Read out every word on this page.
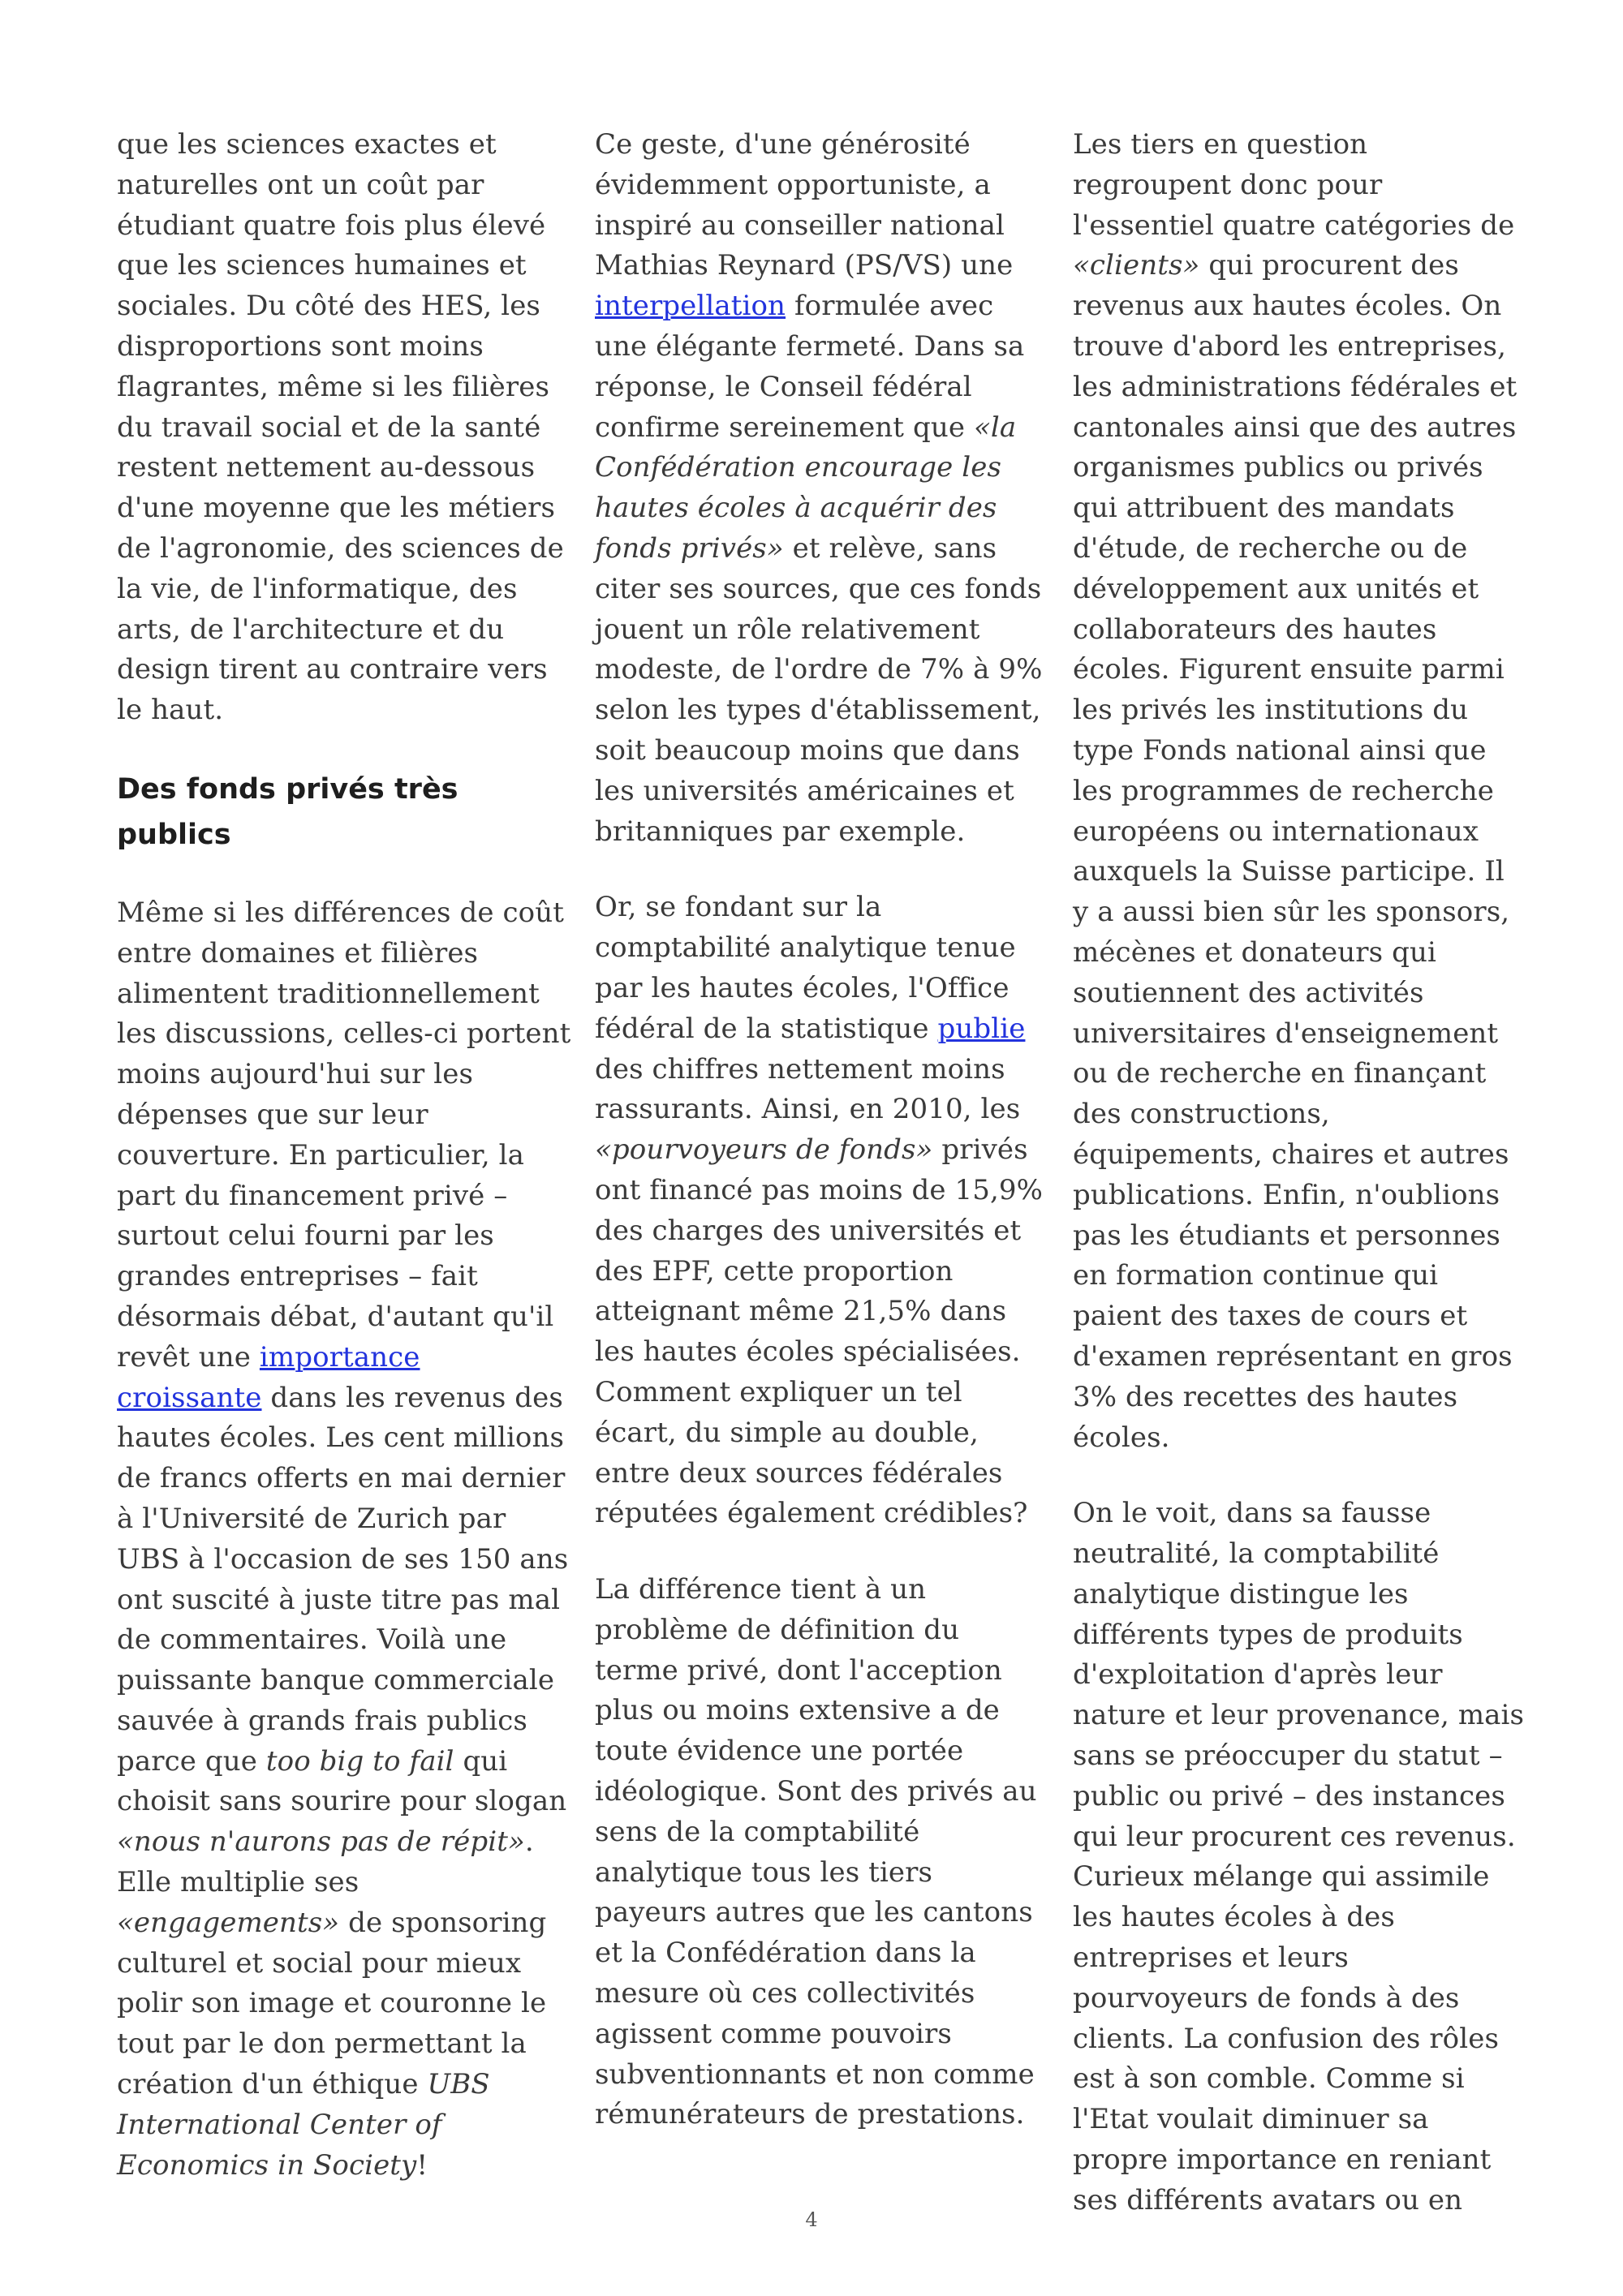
que les sciences exactes et naturelles ont un coût par étudiant quatre fois plus élevé que les sciences humaines et sociales. Du côté des HES, les disproportions sont moins flagrantes, même si les filières du travail social et de la santé restent nettement au-dessous d'une moyenne que les métiers de l'agronomie, des sciences de la vie, de l'informatique, des arts, de l'architecture et du design tirent au contraire vers le haut.

Des fonds privés très publics

Même si les différences de coût entre domaines et filières alimentent traditionnellement les discussions, celles-ci portent moins aujourd'hui sur les dépenses que sur leur couverture. En particulier, la part du financement privé – surtout celui fourni par les grandes entreprises – fait désormais débat, d'autant qu'il revêt une importance croissante dans les revenus des hautes écoles. Les cent millions de francs offerts en mai dernier à l'Université de Zurich par UBS à l'occasion de ses 150 ans ont suscité à juste titre pas mal de commentaires. Voilà une puissante banque commerciale sauvée à grands frais publics parce que too big to fail qui choisit sans sourire pour slogan «nous n'aurons pas de répit». Elle multiplie ses «engagements» de sponsoring culturel et social pour mieux polir son image et couronne le tout par le don permettant la création d'un éthique UBS International Center of Economics in Society!

Ce geste, d'une générosité évidemment opportuniste, a inspiré au conseiller national Mathias Reynard (PS/VS) une interpellation formulée avec une élégante fermeté. Dans sa réponse, le Conseil fédéral confirme sereinement que «la Confédération encourage les hautes écoles à acquérir des fonds privés» et relève, sans citer ses sources, que ces fonds jouent un rôle relativement modeste, de l'ordre de 7% à 9% selon les types d'établissement, soit beaucoup moins que dans les universités américaines et britanniques par exemple.

Or, se fondant sur la comptabilité analytique tenue par les hautes écoles, l'Office fédéral de la statistique publie des chiffres nettement moins rassurants. Ainsi, en 2010, les «pourvoyeurs de fonds» privés ont financé pas moins de 15,9% des charges des universités et des EPF, cette proportion atteignant même 21,5% dans les hautes écoles spécialisées. Comment expliquer un tel écart, du simple au double, entre deux sources fédérales réputées également crédibles?

La différence tient à un problème de définition du terme privé, dont l'acception plus ou moins extensive a de toute évidence une portée idéologique. Sont des privés au sens de la comptabilité analytique tous les tiers payeurs autres que les cantons et la Confédération dans la mesure où ces collectivités agissent comme pouvoirs subventionnants et non comme rémunérateurs de prestations.

Les tiers en question regroupent donc pour l'essentiel quatre catégories de «clients» qui procurent des revenus aux hautes écoles. On trouve d'abord les entreprises, les administrations fédérales et cantonales ainsi que des autres organismes publics ou privés qui attribuent des mandats d'étude, de recherche ou de développement aux unités et collaborateurs des hautes écoles. Figurent ensuite parmi les privés les institutions du type Fonds national ainsi que les programmes de recherche européens ou internationaux auxquels la Suisse participe. Il y a aussi bien sûr les sponsors, mécènes et donateurs qui soutiennent des activités universitaires d'enseignement ou de recherche en finançant des constructions, équipements, chaires et autres publications. Enfin, n'oublions pas les étudiants et personnes en formation continue qui paient des taxes de cours et d'examen représentant en gros 3% des recettes des hautes écoles.

On le voit, dans sa fausse neutralité, la comptabilité analytique distingue les différents types de produits d'exploitation d'après leur nature et leur provenance, mais sans se préoccuper du statut – public ou privé – des instances qui leur procurent ces revenus. Curieux mélange qui assimile les hautes écoles à des entreprises et leurs pourvoyeurs de fonds à des clients. La confusion des rôles est à son comble. Comme si l'Etat voulait diminuer sa propre importance en reniant ses différents avatars ou en

4
